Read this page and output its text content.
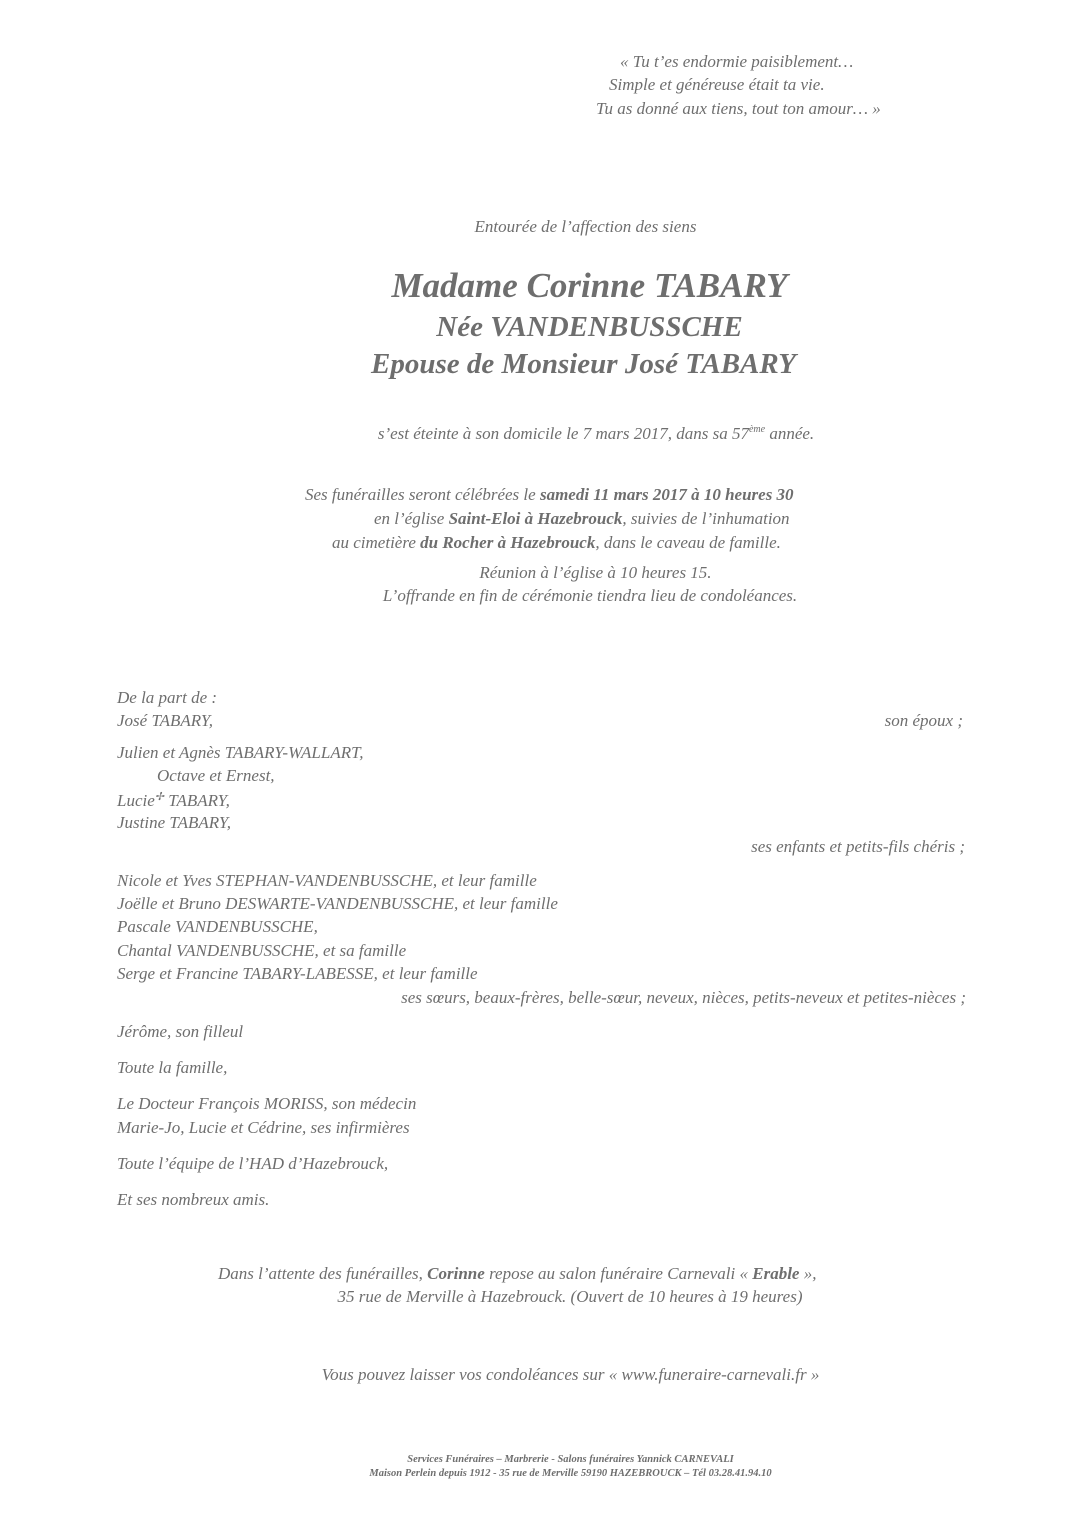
« Tu t’es endormie paisiblement…
Simple et généreuse était ta vie.
Tu as donné aux tiens, tout ton amour… »
Entourée de l’affection des siens
Madame Corinne TABARY
Née VANDENBUSSCHE
Epouse de Monsieur José TABARY
s’est éteinte à son domicile le 7 mars 2017, dans sa 57ème année.
Ses funérailles seront célébrées le samedi 11 mars 2017 à 10 heures 30
en l’église Saint-Eloi à Hazebrouck, suivies de l’inhumation
au cimetière du Rocher à Hazebrouck, dans le caveau de famille.
Réunion à l’église à 10 heures 15.
L’offrande en fin de cérémonie tiendra lieu de condoléances.
De la part de :
José TABARY,	son époux ;
Julien et Agnès TABARY-WALLART,
Octave et Ernest,
Lucie✢ TABARY,
Justine TABARY,
ses enfants et petits-fils chéris ;
Nicole et Yves STEPHAN-VANDENBUSSCHE, et leur famille
Joëlle et Bruno DESWARTE-VANDENBUSSCHE, et leur famille
Pascale VANDENBUSSCHE,
Chantal VANDENBUSSCHE, et sa famille
Serge et Francine TABARY-LABESSE, et leur famille
ses sœurs, beaux-frères, belle-sœur, neveux, nièces, petits-neveux et petites-nièces ;
Jérôme, son filleul
Toute la famille,
Le Docteur François MORISS, son médecin
Marie-Jo, Lucie et Cédrine, ses infirmières
Toute l’équipe de l’HAD d’Hazebrouck,
Et ses nombreux amis.
Dans l’attente des funérailles, Corinne repose au salon funéraire Carnevali « Erable »,
35 rue de Merville à Hazebrouck. (Ouvert de 10 heures à 19 heures)
Vous pouvez laisser vos condoléances sur « www.funeraire-carnevali.fr »
Services Funéraires – Marbrerie - Salons funéraires Yannick CARNEVALI
Maison Perlein depuis 1912 - 35 rue de Merville 59190 HAZEBROUCK – Tél 03.28.41.94.10
